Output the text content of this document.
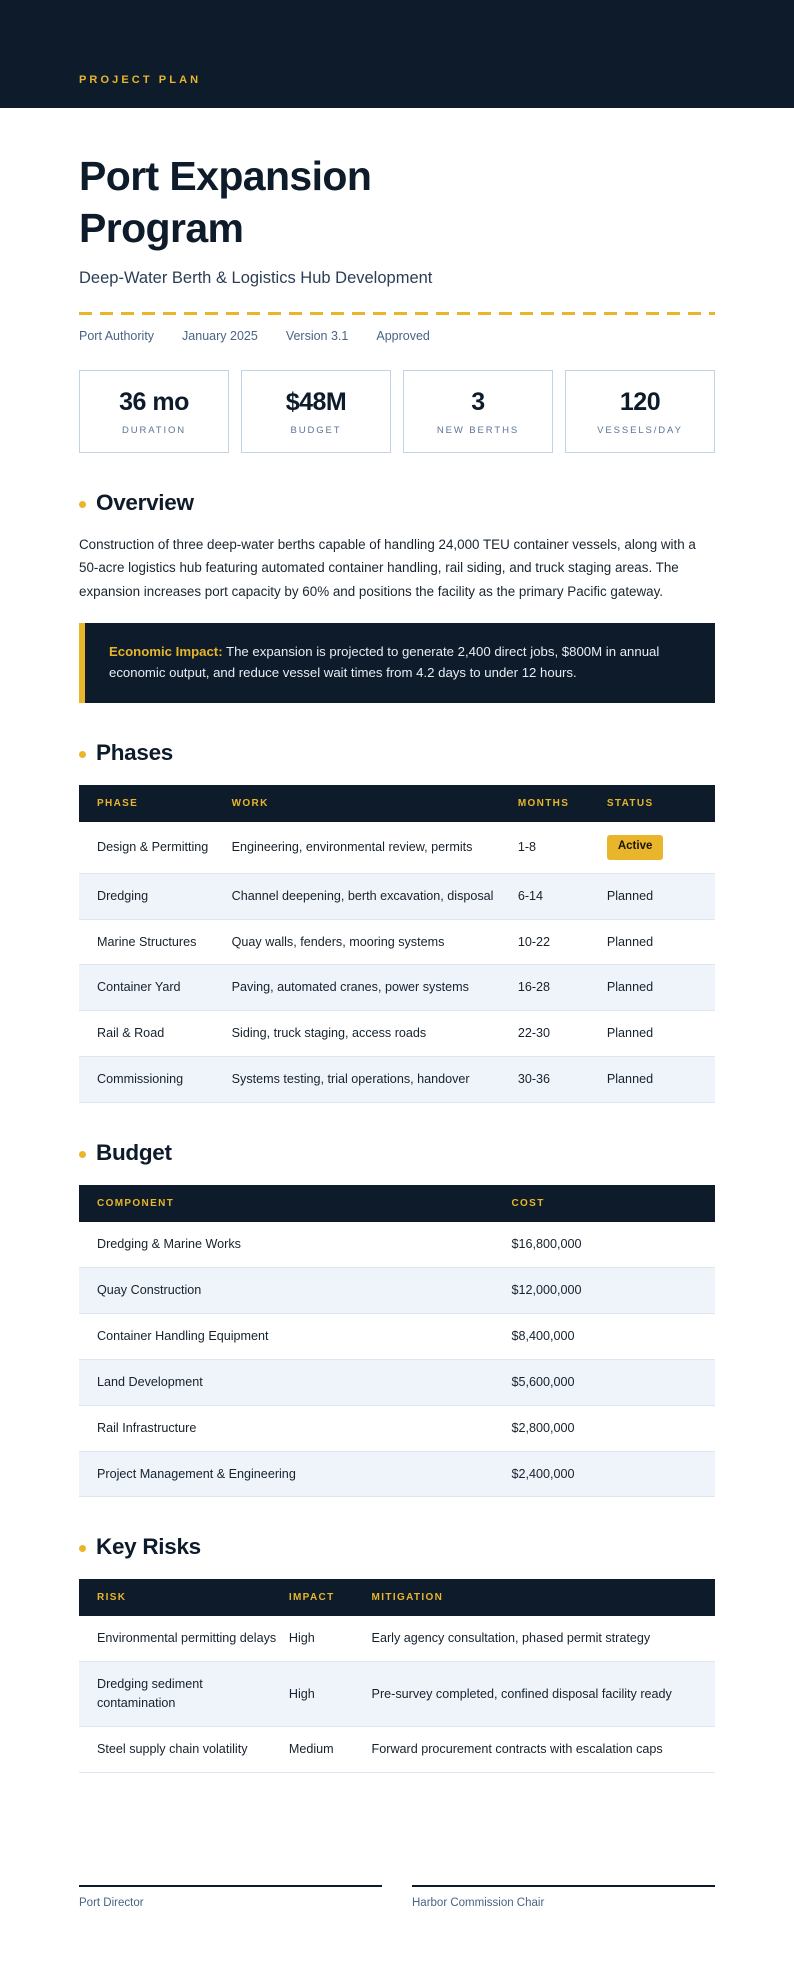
PROJECT PLAN
Port Expansion Program
Deep-Water Berth & Logistics Hub Development
Port Authority January 2025 Version 3.1 Approved
36 mo
DURATION
$48M
BUDGET
3
NEW BERTHS
120
VESSELS/DAY
Overview

Construction of three deep-water berths capable of handling 24,000 TEU container vessels, along with a 50-acre logistics hub featuring automated container handling, rail siding, and truck staging areas. The expansion increases port capacity by 60% and positions the facility as the primary Pacific gateway.

Economic Impact: The expansion is projected to generate 2,400 direct jobs, $800M in annual economic output, and reduce vessel wait times from 4.2 days to under 12 hours.
Phases
PHASE	WORK	MONTHS	STATUS
Design & Permitting	Engineering, environmental review, permits	1-8	Active
Dredging	Channel deepening, berth excavation, disposal	6-14	Planned
Marine Structures	Quay walls, fenders, mooring systems	10-22	Planned
Container Yard	Paving, automated cranes, power systems	16-28	Planned
Rail & Road	Siding, truck staging, access roads	22-30	Planned
Commissioning	Systems testing, trial operations, handover	30-36	Planned
Budget
COMPONENT	COST
Dredging & Marine Works	$16,800,000
Quay Construction	$12,000,000
Container Handling Equipment	$8,400,000
Land Development	$5,600,000
Rail Infrastructure	$2,800,000
Project Management & Engineering	$2,400,000
Key Risks
RISK	IMPACT	MITIGATION
Environmental permitting delays	High	Early agency consultation, phased permit strategy
Dredging sediment contamination	High	Pre-survey completed, confined disposal facility ready
Steel supply chain volatility	Medium	Forward procurement contracts with escalation caps
Port Director	Harbor Commission Chair
